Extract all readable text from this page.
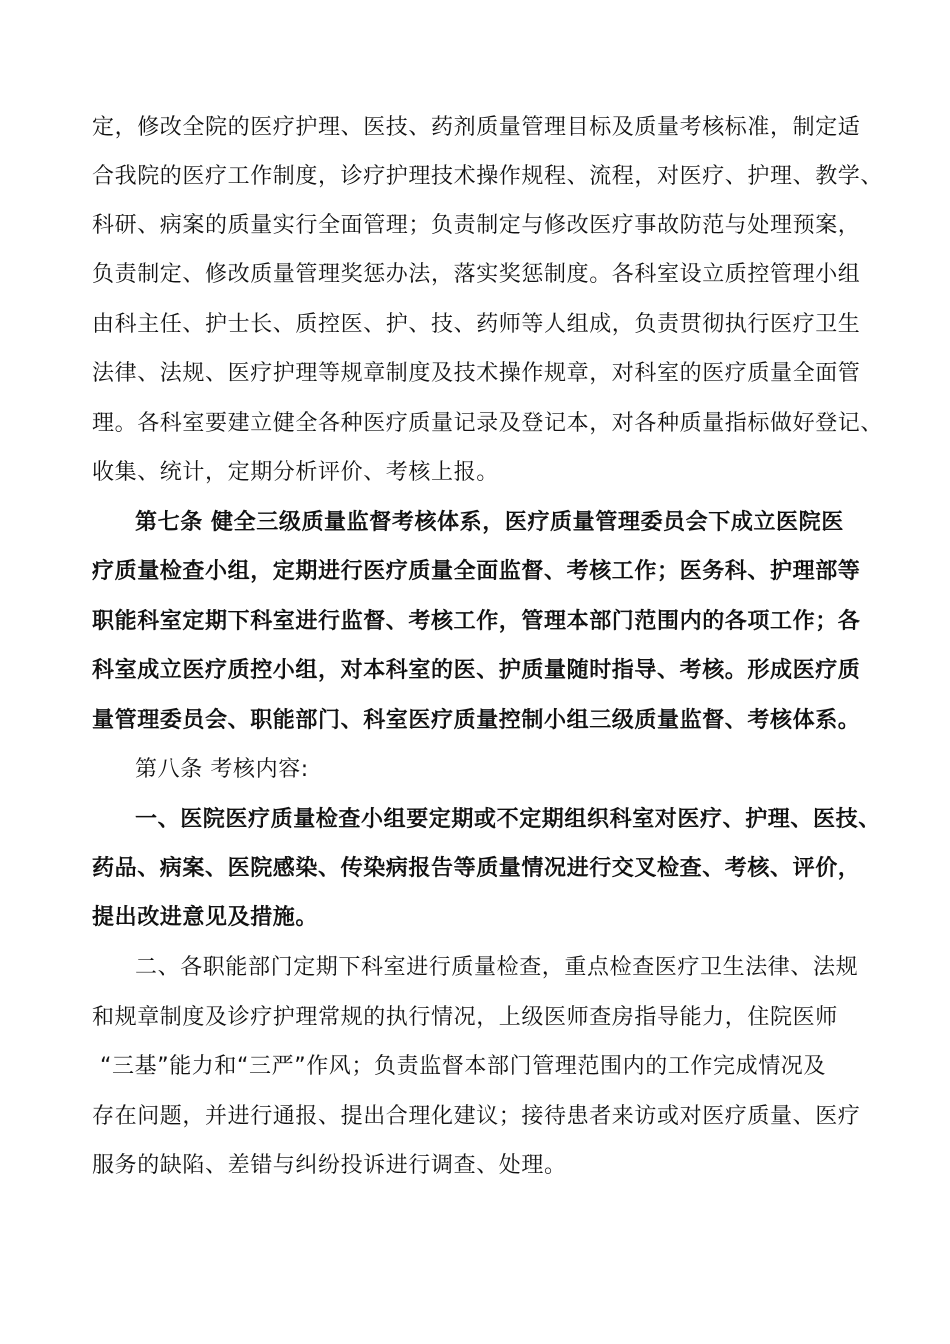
定，修改全院的医疗护理、医技、药剂质量管理目标及质量考核标准，制定适
合我院的医疗工作制度，诊疗护理技术操作规程、流程，对医疗、护理、教学、
科研、病案的质量实行全面管理；负责制定与修改医疗事故防范与处理预案，
负责制定、修改质量管理奖惩办法，落实奖惩制度。各科室设立质控管理小组
由科主任、护士长、质控医、护、技、药师等人组成，负责贯彻执行医疗卫生
法律、法规、医疗护理等规章制度及技术操作规章，对科室的医疗质量全面管
理。各科室要建立健全各种医疗质量记录及登记本，对各种质量指标做好登记、
收集、统计，定期分析评价、考核上报。
第七条 健全三级质量监督考核体系，医疗质量管理委员会下成立医院医
疗质量检查小组，定期进行医疗质量全面监督、考核工作；医务科、护理部等
职能科室定期下科室进行监督、考核工作，管理本部门范围内的各项工作；各
科室成立医疗质控小组，对本科室的医、护质量随时指导、考核。形成医疗质
量管理委员会、职能部门、科室医疗质量控制小组三级质量监督、考核体系。
第八条 考核内容:
一、医院医疗质量检查小组要定期或不定期组织科室对医疗、护理、医技、
药品、病案、医院感染、传染病报告等质量情况进行交叉检查、考核、评价，
提出改进意见及措施。
二、各职能部门定期下科室进行质量检查，重点检查医疗卫生法律、法规
和规章制度及诊疗护理常规的执行情况，上级医师查房指导能力，住院医师
“三基”能力和“三严”作风；负责监督本部门管理范围内的工作完成情况及
存在问题，并进行通报、提出合理化建议；接待患者来访或对医疗质量、医疗
服务的缺陷、差错与纠纷投诉进行调查、处理。
